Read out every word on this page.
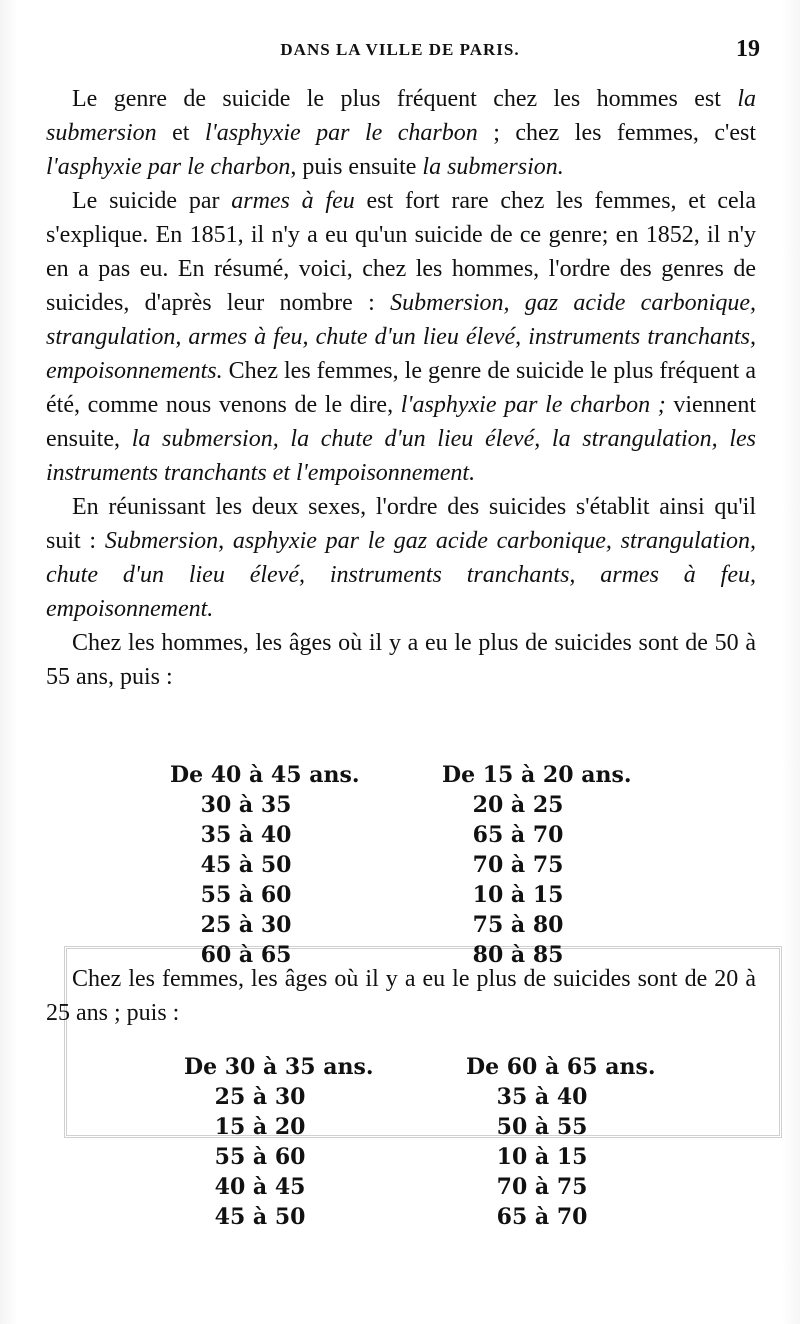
DANS LA VILLE DE PARIS.	19

Le genre de suicide le plus fréquent chez les hommes est la submersion et l'asphyxie par le charbon ; chez les femmes, c'est l'asphyxie par le charbon, puis ensuite la submersion.

Le suicide par armes à feu est fort rare chez les femmes, et cela s'explique. En 1851, il n'y a eu qu'un suicide de ce genre; en 1852, il n'y en a pas eu. En résumé, voici, chez les hommes, l'ordre des genres de suicides, d'après leur nombre : Submersion, gaz acide carbonique, strangulation, armes à feu, chute d'un lieu élevé, instruments tranchants, empoisonnements. Chez les femmes, le genre de suicide le plus fréquent a été, comme nous venons de le dire, l'asphyxie par le charbon ; viennent ensuite, la submersion, la chute d'un lieu élevé, la strangulation, les instruments tranchants et l'empoisonnement.

En réunissant les deux sexes, l'ordre des suicides s'établit ainsi qu'il suit : Submersion, asphyxie par le gaz acide carbonique, strangulation, chute d'un lieu élevé, instruments tranchants, armes à feu, empoisonnement.

Chez les hommes, les âges où il y a eu le plus de suicides sont de 50 à 55 ans, puis :

De 40 à 45 ans.
30 à 35
35 à 40
45 à 50
55 à 60
25 à 30
60 à 65
De 15 à 20 ans.
20 à 25
65 à 70
70 à 75
10 à 15
75 à 80
80 à 85

Chez les femmes, les âges où il y a eu le plus de suicides sont de 20 à 25 ans ; puis :

De 30 à 35 ans.
25 à 30
15 à 20
55 à 60
40 à 45
45 à 50
De 60 à 65 ans.
35 à 40
50 à 55
10 à 15
70 à 75
65 à 70
